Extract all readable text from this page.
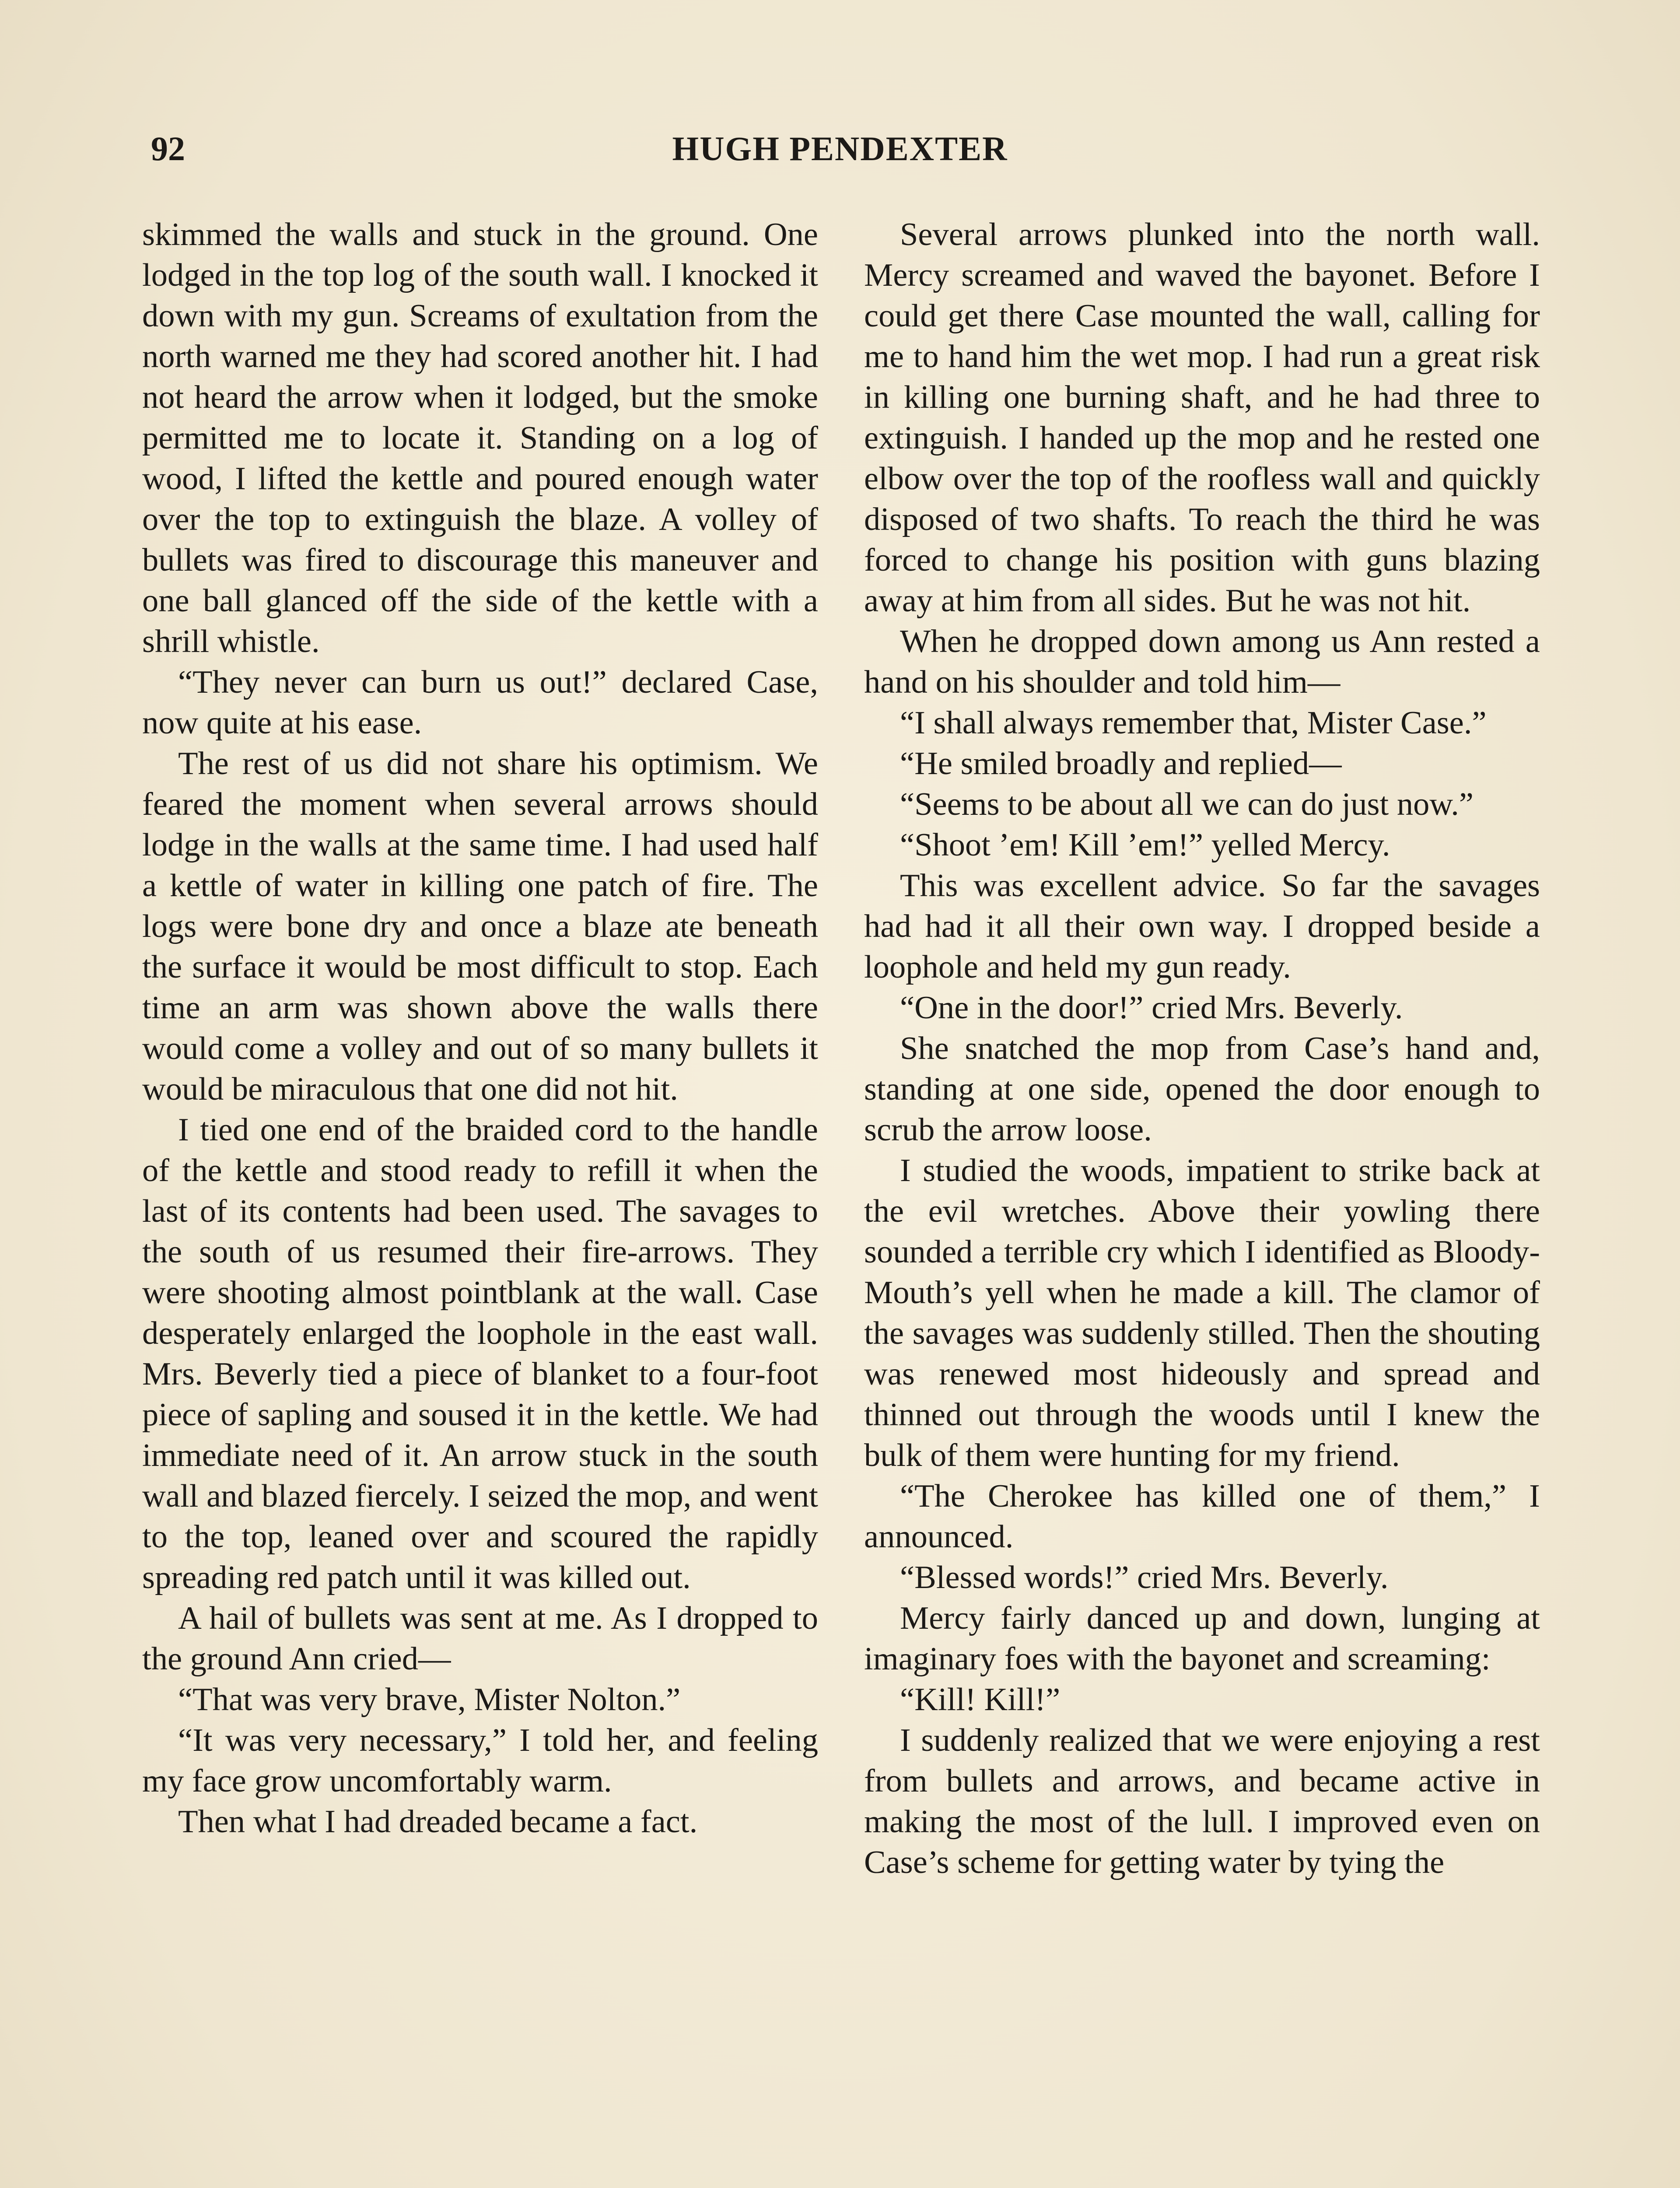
92	HUGH PENDEXTER

skimmed the walls and stuck in the ground. One lodged in the top log of the south wall. I knocked it down with my gun. Screams of exultation from the north warned me they had scored another hit. I had not heard the arrow when it lodged, but the smoke permitted me to locate it. Standing on a log of wood, I lifted the kettle and poured enough water over the top to extinguish the blaze. A volley of bullets was fired to discourage this maneuver and one ball glanced off the side of the kettle with a shrill whistle.

“They never can burn us out!” declared Case, now quite at his ease.

The rest of us did not share his optimism. We feared the moment when several arrows should lodge in the walls at the same time. I had used half a kettle of water in killing one patch of fire. The logs were bone dry and once a blaze ate beneath the surface it would be most difficult to stop. Each time an arm was shown above the walls there would come a volley and out of so many bullets it would be miraculous that one did not hit.

I tied one end of the braided cord to the handle of the kettle and stood ready to refill it when the last of its contents had been used. The savages to the south of us resumed their fire-arrows. They were shooting almost pointblank at the wall. Case desperately enlarged the loophole in the east wall. Mrs. Beverly tied a piece of blanket to a four-foot piece of sapling and soused it in the kettle. We had immediate need of it. An arrow stuck in the south wall and blazed fiercely. I seized the mop, and went to the top, leaned over and scoured the rapidly spreading red patch until it was killed out.

A hail of bullets was sent at me. As I dropped to the ground Ann cried—

“That was very brave, Mister Nolton.”

“It was very necessary,” I told her, and feeling my face grow uncomfortably warm.

Then what I had dreaded became a fact.

Several arrows plunked into the north wall. Mercy screamed and waved the bayonet. Before I could get there Case mounted the wall, calling for me to hand him the wet mop. I had run a great risk in killing one burning shaft, and he had three to extinguish. I handed up the mop and he rested one elbow over the top of the roofless wall and quickly disposed of two shafts. To reach the third he was forced to change his position with guns blazing away at him from all sides. But he was not hit.

When he dropped down among us Ann rested a hand on his shoulder and told him—

“I shall always remember that, Mister Case.”

“He smiled broadly and replied—

“Seems to be about all we can do just now.”

“Shoot ’em! Kill ’em!” yelled Mercy.

This was excellent advice. So far the savages had had it all their own way. I dropped beside a loophole and held my gun ready.

“One in the door!” cried Mrs. Beverly.

She snatched the mop from Case’s hand and, standing at one side, opened the door enough to scrub the arrow loose.

I studied the woods, impatient to strike back at the evil wretches. Above their yowling there sounded a terrible cry which I identified as Bloody-Mouth’s yell when he made a kill. The clamor of the savages was suddenly stilled. Then the shouting was renewed most hideously and spread and thinned out through the woods until I knew the bulk of them were hunting for my friend.

“The Cherokee has killed one of them,” I announced.

“Blessed words!” cried Mrs. Beverly.

Mercy fairly danced up and down, lunging at imaginary foes with the bayonet and screaming:

“Kill! Kill!”

I suddenly realized that we were enjoying a rest from bullets and arrows, and became active in making the most of the lull. I improved even on Case’s scheme for getting water by tying the
